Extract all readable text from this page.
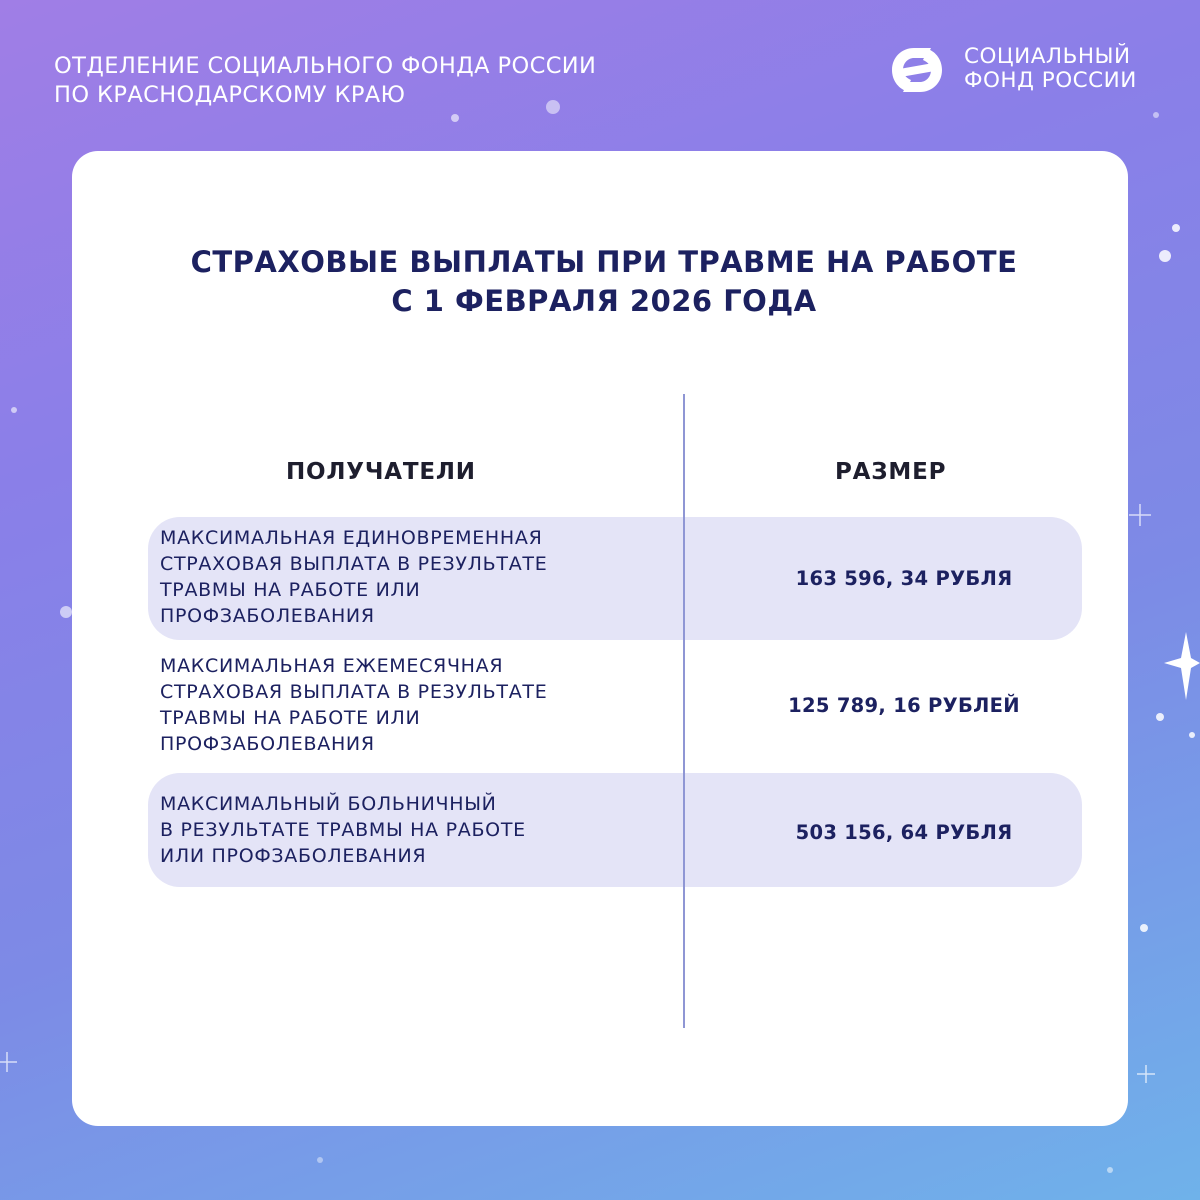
ОТДЕЛЕНИЕ СОЦИАЛЬНОГО ФОНДА РОССИИ
ПО КРАСНОДАРСКОМУ КРАЮ
СОЦИАЛЬНЫЙ
ФОНД РОССИИ
СТРАХОВЫЕ ВЫПЛАТЫ ПРИ ТРАВМЕ НА РАБОТЕ
С 1 ФЕВРАЛЯ 2026 ГОДА
ПОЛУЧАТЕЛИ	РАЗМЕР
МАКСИМАЛЬНАЯ ЕДИНОВРЕМЕННАЯ
СТРАХОВАЯ ВЫПЛАТА В РЕЗУЛЬТАТЕ
ТРАВМЫ НА РАБОТЕ ИЛИ
ПРОФЗАБОЛЕВАНИЯ
163 596, 34 РУБЛЯ
МАКСИМАЛЬНАЯ ЕЖЕМЕСЯЧНАЯ
СТРАХОВАЯ ВЫПЛАТА В РЕЗУЛЬТАТЕ
ТРАВМЫ НА РАБОТЕ ИЛИ
ПРОФЗАБОЛЕВАНИЯ
125 789, 16 РУБЛЕЙ
МАКСИМАЛЬНЫЙ БОЛЬНИЧНЫЙ
В РЕЗУЛЬТАТЕ ТРАВМЫ НА РАБОТЕ
ИЛИ ПРОФЗАБОЛЕВАНИЯ
503 156, 64 РУБЛЯ
